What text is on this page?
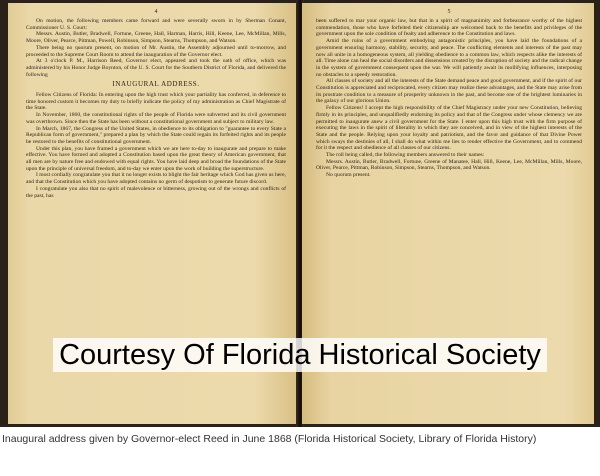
4

On motion, the following members came forward and were severally sworn in by Sherman Conant, Commissioner U. S. Court:

Messrs. Austin, Butler, Bradwell, Fortune, Greene, Hall, Harman, Harris, Hill, Keene, Lee, McMillan, Mills, Moore, Oliver, Pearce, Pittman, Powell, Robinson, Simpson, Stearns, Thompson, and Watson.

There being no quorum present, on motion of Mr. Austin, the Assembly adjourned until to-morrow, and proceeded to the Supreme Court Room to attend the inauguration of the Governor elect.

At 3 o'clock P. M., Harrison Reed, Governor elect, appeared and took the oath of office, which was administered by his Honor Judge Boynton, of the U. S. Court for the Southern District of Florida, and delivered the following

INAUGURAL ADDRESS.

Fellow Citizens of Florida: In entering upon the high trust which your partiality has conferred, in deference to time honored custom it becomes my duty to briefly indicate the policy of my administration as Chief Magistrate of the State.

In November, 1860, the constitutional rights of the people of Florida were subverted and its civil government was overthrown. Since then the State has been without a constitutional government and subject to military law.

In March, 1867, the Congress of the United States, in obedience to its obligation to "guarantee to every State a Republican form of government," prepared a plan by which the State could regain its forfeited rights and its people be restored to the benefits of constitutional government.

Under this plan, you have framed a government which we are here to-day to inaugurate and prepare to make effective. You have formed and adopted a Constitution based upon the great theory of American government, that all men are by nature free and endowed with equal rights. You have laid deep and broad the foundations of the State upon the principle of universal freedom, and to-day we enter upon the work of building the superstructure.

I most cordially congratulate you that it no longer exists to blight the fair heritage which God has given us here, and that the Constitution which you have adopted contains no germ of despotism to generate future discord.

I congratulate you also that no spirit of malevolence or bitterness, growing out of the wrongs and conflicts of the past, has

5

been suffered to mar your organic law, but that in a spirit of magnanimity and forbearance worthy of the highest commendation, those who have forfeited their citizenship are welcomed back to the benefits and privileges of the government upon the sole condition of fealty and adherence to the Constitution and laws.

Amid the ruins of a government embodying antagonistic principles, you have laid the foundations of a government ensuring harmony, stability, security, and peace. The conflicting elements and interests of the past may now all unite in a homogeneous system, all yielding obedience to a common law, which respects alike the interests of all. Time alone can heal the social disorders and dissensions created by the disruption of society and the radical change in the system of government consequent upon the war. We will patiently await its mollifying influences, interposing no obstacles to a speedy restoration.

All classes of society and all the interests of the State demand peace and good government, and if the spirit of our Constitution is appreciated and reciprocated, every citizen may realize these advantages, and the State may arise from its prostrate condition to a measure of prosperity unknown in the past, and become one of the brightest luminaries in the galaxy of our glorious Union.

Fellow Citizens! I accept the high responsibility of the Chief Magistracy under your new Constitution, believing firmly in its principles, and unqualifiedly endorsing its policy and that of the Congress under whose clemency we are permitted to inaugurate anew a civil government for the State. I enter upon this high trust with the firm purpose of executing the laws in the spirit of liberality in which they are conceived, and in view of the highest interests of the State and the people. Relying upon your loyalty and patriotism, and the favor and guidance of that Divine Power which sways the destinies of all, I shall do what within me lies to render effective the Government, and to commend for it the respect and obedience of all classes of our citizens.

The roll being called, the following members answered to their names:

Messrs. Austin, Butler, Bradwell, Fortune, Greene of Manatee, Hall, Hill, Keene, Lee, McMillan, Mills, Moore, Oliver, Pearce, Pittman, Robinson, Simpson, Stearns, Thompson, and Watson.

No quorum present.

Courtesy Of Florida Historical Society
Inaugural address given by Governor-elect Reed in June 1868 (Florida Historical Society, Library of Florida History)
